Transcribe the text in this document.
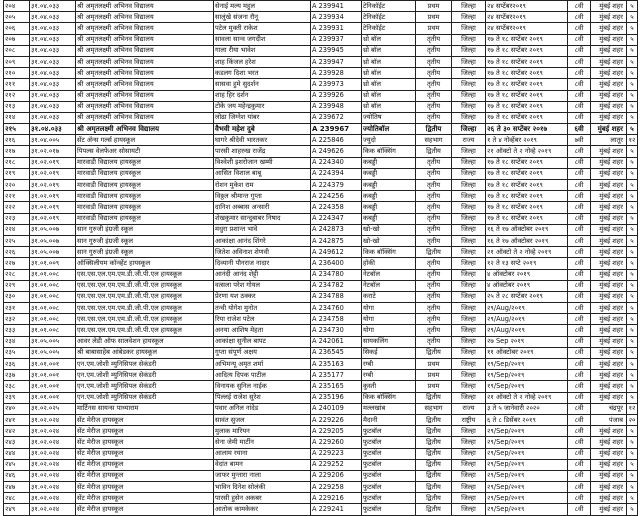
२०४	३१.०४.०३३	श्री अमृतलक्ष्मी अभिनव विद्यालय	सेनाई मल्य महुल	A 239941	टेनिकॉईट	प्रथम	जिल्हा	२४ सप्टेंबर२०१९	८वी	मुंबई शहर	५
२०५	३१.०४.०३३	श्री अमृतलक्ष्मी अभिनव विद्यालय	सालुंखे संजना रौनू	A 239934	टेनिकॉईट	प्रथम	जिल्हा	२४ सप्टेंबर२०१९	८वी	मुंबई शहर	५
२०६	३१.०४.०३३	श्री अमृतलक्ष्मी अभिनव विद्यालय	पटेल मुक्ती राकेश	A 239931	टेनिकॉईट	प्रथम	जिल्हा	२४ सप्टेंबर२०१९	८वी	मुंबई शहर	५
२०७	३१.०४.०३३	श्री अमृतलक्ष्मी अभिनव विद्यालय	सावला सान्व जगदीश	A 239937	थ्रो बॉल	तृतीय	जिल्हा	१७ ते १८ सप्टेंबर २०१९	८वी	मुंबई शहर	५
२०८	३१.०४.०३३	श्री अमृतलक्ष्मी अभिनव विद्यालय	गाला रीया भावेश	A 239945	थ्रो बॉल	तृतीय	जिल्हा	१७ ते १८ सप्टेंबर २०१९	८वी	मुंबई शहर	५
२०९	३१.०४.०३३	श्री अमृतलक्ष्मी अभिनव विद्यालय	शाह किंजल हरेश	A 239947	थ्रो बॉल	तृतीय	जिल्हा	१७ ते १८ सप्टेंबर २०१९	८वी	मुंबई शहर	५
२१०	३१.०४.०३३	श्री अमृतलक्ष्मी अभिनव विद्यालय	कडलग दिशा भरत	A 239928	थ्रो बॉल	तृतीय	जिल्हा	१७ ते १८ सप्टेंबर २०१९	८वी	मुंबई शहर	५
२११	३१.०४.०३३	श्री अमृतलक्ष्मी अभिनव विद्यालय	सासवा हुमे सुदर्शन	A 239973	थ्रो बॉल	तृतीय	जिल्हा	१७ ते १८ सप्टेंबर २०१९	८वी	मुंबई शहर	५
२१२	३१.०४.०३३	श्री अमृतलक्ष्मी अभिनव विद्यालय	शाह हिर दर्शन	A 239926	थ्रो बॉल	तृतीय	जिल्हा	१७ ते १८ सप्टेंबर २०१९	८वी	मुंबई शहर	५
२१३	३१.०४.०३३	श्री अमृतलक्ष्मी अभिनव विद्यालय	टोके जय महेन्द्रकुमार	A 239948	थ्रो बॉल	तृतीय	जिल्हा	१७ ते १८ सप्टेंबर २०१९	८वी	मुंबई शहर	५
२१४	३१.०४.०३३	श्री अमृतलक्ष्मी अभिनव विद्यालय	लोढा जिग्नेश यांबर	A 239672	ज्योतिष	तृतीय	जिल्हा	१७ ते १८ सप्टेंबर २०१९	८वी	मुंबई शहर	५
२१५	३१.०४.०३३	श्री अमृतलक्ष्मी अभिनव विद्यालय	वैभवी महेश दुबे	A 239967	ज्योतिबॉल	द्वितीय	जिल्हा	२६ ते ३० सप्टेंबर २०१७	६वी	मुंबई शहर	५
२१६	३१.०४.००५	सेंट ॲन्स गर्ल्स हायस्कूल	घागरे श्रीदेवी भारतकर	A 225846	ज्युदो	सहभाग	राज्य	१ ते ४ नोव्हेंबर २०१९	७वी	लातूर	१२
२१७	३१.०२.०१७	पिपल्स वेलफेअर सोसायटी	पारसी शाहरुख राजेंद्र	A 249626	किक बॉक्सिंग	द्वितीय	जिल्हा	२१ ऑक्टो ते २ नोव्हे २०१९	८वी	मुंबई शहर	५
२१८	३१.०२.०१९	मारवाडी विद्यालय हायस्कूल	विश्वेशी इशरोजान खम्मी	A 224340	कबड्डी	तृतीय	जिल्हा	१७ ते १८ सप्टेंबर २०१९	८वी	मुंबई शहर	५
२१९	३१.०२.०१९	मारवाडी विद्यालय हायस्कूल	आसित विशाल बाबू	A 224394	कबड्डी	तृतीय	जिल्हा	१७ ते १८ सप्टेंबर २०१९	८वी	मुंबई शहर	५
२२०	३१.०२.०१९	मारवाडी विद्यालय हायस्कूल	रोशन मुकेश राम	A 224379	कबड्डी	तृतीय	जिल्हा	१७ ते १८ सप्टेंबर २०१९	८वी	मुंबई शहर	५
२२१	३१.०२.०१९	मारवाडी विद्यालय हायस्कूल	विठ्ठल श्रीमान्त गुप्ता	A 224256	कबड्डी	तृतीय	जिल्हा	१७ ते १८ सप्टेंबर २०१९	८वी	मुंबई शहर	५
२२२	३१.०२.०१९	मारवाडी विद्यालय हायस्कूल	दानिश अब्बास अन्सारी	A 224358	कबड्डी	तृतीय	जिल्हा	१७ ते १८ सप्टेंबर २०१९	८वी	मुंबई शहर	५
२२३	३१.०२.०१९	मारवाडी विद्यालय हायस्कूल	शेखकुमार सान्दुबाबर निषाद	A 224347	कबड्डी	तृतीय	जिल्हा	१७ ते १८ सप्टेंबर २०१९	८वी	मुंबई शहर	५
२२४	३१.०५.००७	सान गुरुजी इंग्रजी स्कूल	मधुरा प्रशान्त भावे	A 242873	खो-खो	तृतीय	जिल्हा	१६ ते १७ ऑक्टोबर २०१९	८वी	मुंबई शहर	५
२२५	३१.०५.००७	सान गुरुजी इंग्रजी स्कूल	आकांक्षा आनंद शिंगरे	A 242875	खो-खो	तृतीय	जिल्हा	१६ ते १७ ऑक्टोबर २०१९	८वी	मुंबई शहर	५
२२६	३१.०५.००७	सान गुरुजी इंग्रजी स्कूल	जितेश अविनाश शेणवी	A 249612	किक बॉक्सिंग	द्वितीय	जिल्हा	२१ ऑक्टो ते २ नोव्हे २०१९	८वी	मुंबई शहर	५
२२७	३१.०१.००९	ऑक्सिलीयम कॉन्व्हेंट हायस्कूल	दिव्यानी पौनराज नादार	A 236400	हॉकी	तृतीय	जिल्हा	१२ ते १३ सप्टे २०१९	८वी	मुंबई शहर	५
२२८	३१.०१.००८	एस.एस.एल.एम.एम.डी.जी.पी.एल हायस्कूल	आनंदी आनंद शेट्टी	A 234780	नेटबॉल	तृतीय	जिल्हा	४ ऑक्टोबर २०१९	८वी	मुंबई शहर	५
२२९	३१.०१.००८	एस.एस.एल.एम.एम.डी.जी.पी.एल हायस्कूल	वत्सला परेश गोयल	A 234782	नेटबॉल	तृतीय	जिल्हा	४ ऑक्टोबर २०१९	८वी	मुंबई शहर	५
२३०	३१.०१.००८	एस.एस.एल.एम.एम.डी.जी.पी.एल हायस्कूल	प्रेरणा यश ठक्कर	A 234788	कराटे	तृतीय	जिल्हा	२५ ते २८ सप्टेंबर २०१९	८वी	मुंबई शहर	५
२३१	३१.०१.००८	एस.एस.एल.एम.एम.डी.जी.पी.एल हायस्कूल	तन्वी योगेश मुनोत	A 234760	योगा	तृतीय	जिल्हा	२९/Aug/२०१९	८वी	मुंबई शहर	५
२३२	३१.०१.००८	एस.एस.एल.एम.एम.डी.जी.पी.एल हायस्कूल	रिया राजेश पटेल	A 234758	योगा	तृतीय	जिल्हा	२९/Aug/२०१९	८वी	मुंबई शहर	५
२३३	३१.०१.००८	एस.एस.एल.एम.एम.डी.जी.पी.एल हायस्कूल	अनया आशिष मेहता	A 234730	योगा	तृतीय	जिल्हा	२९/Aug/२०१९	८वी	मुंबई शहर	५
२३४	३१.०५.००५	आवर लेडी ऑफ सालवेशन हायस्कूल	आकांक्षा सुनील बापट	A 242061	सायकलिंग	तृतीय	जिल्हा	२७ Sep २०१९	८वी	मुंबई शहर	५
२३५	३१.०५.००५	श्री बाबासाहेब आंबेडकर हायस्कूल	गुप्ता संपूर्ण अक्षय	A 236545	सिकई	द्वितीय	जिल्हा	११ ऑक्टोबर २०१९	८वी	मुंबई शहर	५
२३६	३१.०१.००१	एन.एम.जोशी म्युनिसिपल सेकंडरी	अभिमन्यू अमृत शर्मा	A 235163	रग्बी	प्रथम	जिल्हा	१९/Sep/२०१९	८वी	मुंबई शहर	५
२३७	३१.०१.००१	एन.एम.जोशी म्युनिसिपल सेकंडरी	आदित्य दिपक पाटील	A 235177	रग्बी	प्रथम	जिल्हा	१९/Sep/२०१९	८वी	मुंबई शहर	५
२३८	३१.०१.००१	एन.एम.जोशी म्युनिसिपल सेकंडरी	विनायक सुनिल नाईक	A 235165	कुस्ती	प्रथम	जिल्हा	१९/Sep/२०१९	८वी	मुंबई शहर	५
२३९	३१.०१.००१	एन.एम.जोशी म्युनिसिपल सेकंडरी	पिल्लई राजेश सुरेश	A 235196	किक बॉक्सिंग	द्वितीय	जिल्हा	२१ ऑक्टो ते २ नोव्हे २०१९	८वी	मुंबई शहर	५
२४०	३१.०२.०२५	मार्टिनस सायन्स पाथ्याराम	पवार अनिल नांदेड	A 240109	मल्लखांब	सहभाग	राज्य	३ ते ५ जानेवारी २०२०	८वी	चंद्रपूर	१२
२४१	३१.०२.०२४	सेंट मेरीज हायस्कूल	सावंत सुजल	A 229226	मैदानी	द्वितीय	राष्ट्रीय	६ ते ८ डिसेंबर २०१९	८वी	पंजाब	२०
२४२	३१.०२.०२४	सेंट मेरीज हायस्कूल	मुलाक मारियन	A 229205	फुटबॉल	द्वितीय	जिल्हा	२९/Sep/२०१९	८वी	मुंबई शहर	५
२४३	३१.०२.०२४	सेंट मेरीज हायस्कूल	सेना जेमी मार्टीन	A 229260	फुटबॉल	द्वितीय	जिल्हा	२९/Sep/२०१९	८वी	मुंबई शहर	५
२४४	३१.०२.०२४	सेंट मेरीज हायस्कूल	आलाम रयाना	A 229223	फुटबॉल	द्वितीय	जिल्हा	२९/Sep/२०१९	८वी	मुंबई शहर	५
२४५	३१.०२.०२४	सेंट मेरीज हायस्कूल	वेदांत बामन	A 229252	फुटबॉल	द्वितीय	जिल्हा	२९/Sep/२०१९	८वी	मुंबई शहर	५
२४६	३१.०२.०२४	सेंट मेरीज हायस्कूल	जाफर मुन्तारा नाला	A 229206	फुटबॉल	द्वितीय	जिल्हा	२९/Sep/२०१९	८वी	मुंबई शहर	५
२४७	३१.०२.०२४	सेंट मेरीज हायस्कूल	भाविन दिनेश सोलंकी	A 229258	फुटबॉल	द्वितीय	जिल्हा	२९/Sep/२०१९	८वी	मुंबई शहर	५
२४८	३१.०२.०२४	सेंट मेरीज हायस्कूल	पारसी हुसेन अकबर	A 229216	फुटबॉल	द्वितीय	जिल्हा	२९/Sep/२०१९	८वी	मुंबई शहर	५
२४९	३१.०२.०२४	सेंट मेरीज हायस्कूल	आतोक कामकेकर	A 229241	फुटबॉल	द्वितीय	जिल्हा	२९/Sep/२०१९	८वी	मुंबई शहर	५
